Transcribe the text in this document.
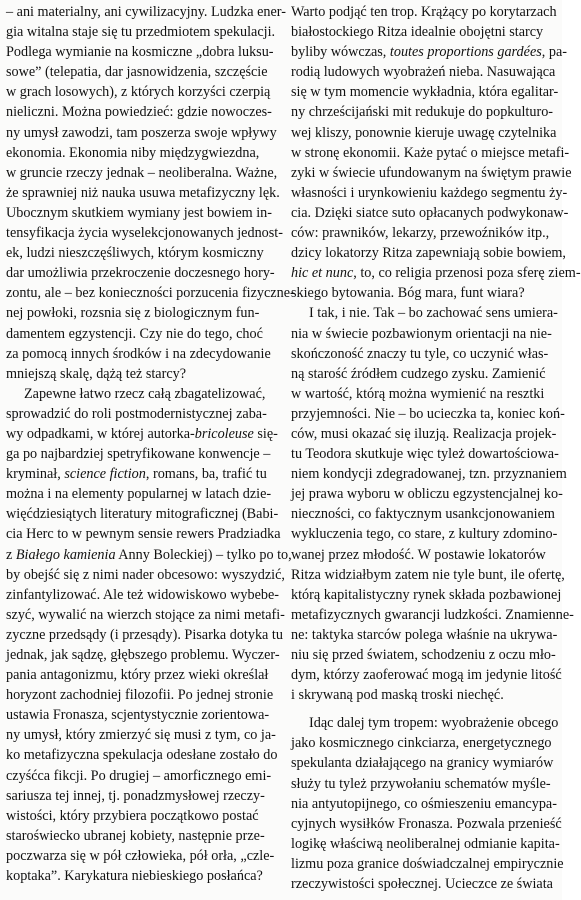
– ani materialny, ani cywilizacyjny. Ludzka ener-
gia witalna staje się tu przedmiotem spekulacji.
Podlega wymianie na kosmiczne „dobra luksu-
sowe” (telepatia, dar jasnowidzenia, szczęście
w grach losowych), z których korzyści czerpią
nieliczni. Można powiedzieć: gdzie nowoczes-
ny umysł zawodzi, tam poszerza swoje wpływy
ekonomia. Ekonomia niby międzygwiezdna,
w gruncie rzeczy jednak – neoliberalna. Ważne,
że sprawniej niż nauka usuwa metafizyczny lęk.
Ubocznym skutkiem wymiany jest bowiem in-
tensyfikacja życia wyselekcjonowanych jednost-
ek, ludzi nieszczęśliwych, którym kosmiczny
dar umożliwia przekroczenie doczesnego hory-
zontu, ale – bez konieczności porzucenia fizyczne-
nej powłoki, rozsnia się z biologicznym fun-
damentem egzystencji. Czy nie do tego, choć
za pomocą innych środków i na zdecydowanie
mniejszą skalę, dążą też starcy?
Zapewne łatwo rzecz całą zbagatelizować,
sprowadzić do roli postmodernistycznej zaba-
wy odpadkami, w której autorka-bricoleuse się-
ga po najbardziej spetryfikowane konwencje –
kryminał, science fiction, romans, ba, trafić tu
można i na elementy popularnej w latach dzie-
więćdziesiątych literatury mitograficznej (Babi-
cia Herc to w pewnym sensie rewers Pradziadka
z Białego kamienia Anny Boleckiej) – tylko po to,
by obejść się z nimi nader obcesowo: wyszydzić,
zinfantylizować. Ale też widowiskowo wybebe-
szyć, wywalić na wierzch stojące za nimi metafi-
zyczne przedsądy (i przesądy). Pisarka dotyka tu
jednak, jak sądzę, głębszego problemu. Wyczer-
pania antagonizmu, który przez wieki określał
horyzont zachodniej filozofii. Po jednej stronie
ustawia Fronasza, scjentystycznie zorientowa-
ny umysł, który zmierzyć się musi z tym, co ja-
ko metafizyczna spekulacja odesłane zostało do
czyśćca fikcji. Po drugiej – amorficznego emi-
sariusza tej innej, tj. ponadzmysłowej rzeczy-
wistości, który przybiera początkowo postać
staroświecko ubranej kobiety, następnie prze-
poczwarza się w pół człowieka, pół orła, „czle-
koptaka”. Karykatura niebieskiego posłańca?
Warto podjąć ten trop. Krążący po korytarzach
białostockiego Ritza idealnie obojętni starcy
byliby wówczas, toutes proportions gardées, pa-
rodią ludowych wyobrażeń nieba. Nasuwająca
się w tym momencie wykładnia, która egalitar-
ny chrześcijański mit redukuje do popkulturo-
wej kliszy, ponownie kieruje uwagę czytelnika
w stronę ekonomii. Każe pytać o miejsce metafi-
zyki w świecie ufundowanym na świętym prawie
własności i urynkowieniu każdego segmentu ży-
cia. Dzięki siatce suto opłacanych podwykonaw-
ców: prawników, lekarzy, przewoźników itp.,
dzicy lokatorzy Ritza zapewniają sobie bowiem,
hic et nunc, to, co religia przenosi poza sferę ziem-
skiego bytowania. Bóg mara, funt wiara?
I tak, i nie. Tak – bo zachować sens umiera-
nia w świecie pozbawionym orientacji na nie-
skończoność znaczy tu tyle, co uczynić włas-
ną starość źródłem cudzego zysku. Zamienić
w wartość, którą można wymienić na resztki
przyjemności. Nie – bo ucieczka ta, koniec koń-
ców, musi okazać się iluzją. Realizacja projek-
tu Teodora skutkuje więc tyleż dowartościowa-
niem kondycji zdegradowanej, tzn. przyznaniem
jej prawa wyboru w obliczu egzystencjalnej ko-
nieczności, co faktycznym usankcjonowaniem
wykluczenia tego, co stare, z kultury zdomino-
wanej przez młodość. W postawie lokatorów
Ritza widziałbym zatem nie tyle bunt, ile ofertę,
którą kapitalistyczny rynek składa pozbawionej
metafizycznych gwarancji ludzkości. Znamienne-
ne: taktyka starców polega właśnie na ukrywa-
niu się przed światem, schodzeniu z oczu mło-
dym, którzy zaoferować mogą im jedynie litość
i skrywaną pod maską troski niechęć.
Idąc dalej tym tropem: wyobrażenie obcego
jako kosmicznego cinkciarza, energetycznego
spekulanta działającego na granicy wymiarów
służy tu tyleż przywołaniu schematów myśle-
nia antyutopijnego, co ośmieszeniu emancypa-
cyjnych wysiłków Fronasza. Pozwala przenieść
logikę właściwą neoliberalnej odmianie kapita-
lizmu poza granice doświadczalnej empirycznie
rzeczywistości społecznej. Ucieczce ze świata
